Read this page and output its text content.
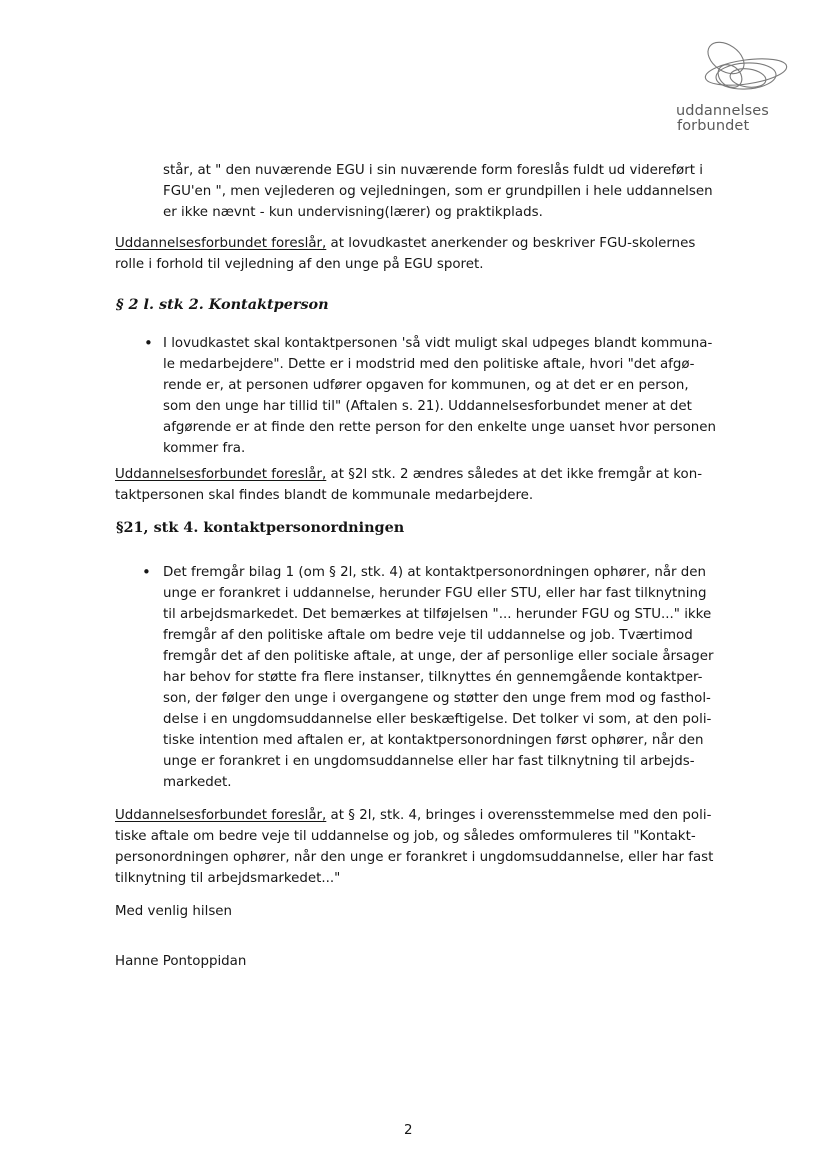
uddannelses
forbundet
står, at " den nuværende EGU i sin nuværende form foreslås fuldt ud videreført i
FGU'en ", men vejlederen og vejledningen, som er grundpillen i hele uddannelsen
er ikke nævnt - kun undervisning(lærer) og praktikplads.
Uddannelsesforbundet foreslår, at lovudkastet anerkender og beskriver FGU-skolernes
rolle i forhold til vejledning af den unge på EGU sporet.
§ 2 l. stk 2. Kontaktperson
• I lovudkastet skal kontaktpersonen 'så vidt muligt skal udpeges blandt kommuna-
le medarbejdere". Dette er i modstrid med den politiske aftale, hvori "det afgø-
rende er, at personen udfører opgaven for kommunen, og at det er en person,
som den unge har tillid til" (Aftalen s. 21). Uddannelsesforbundet mener at det
afgørende er at finde den rette person for den enkelte unge uanset hvor personen
kommer fra.
Uddannelsesforbundet foreslår, at §2l stk. 2 ændres således at det ikke fremgår at kon-
taktpersonen skal findes blandt de kommunale medarbejdere.
§21, stk 4. kontaktpersonordningen
• Det fremgår bilag 1 (om § 2l, stk. 4) at kontaktpersonordningen ophører, når den
unge er forankret i uddannelse, herunder FGU eller STU, eller har fast tilknytning
til arbejdsmarkedet. Det bemærkes at tilføjelsen "... herunder FGU og STU..." ikke
fremgår af den politiske aftale om bedre veje til uddannelse og job. Tværtimod
fremgår det af den politiske aftale, at unge, der af personlige eller sociale årsager
har behov for støtte fra flere instanser, tilknyttes én gennemgående kontaktper-
son, der følger den unge i overgangene og støtter den unge frem mod og fasthol-
delse i en ungdomsuddannelse eller beskæftigelse. Det tolker vi som, at den poli-
tiske intention med aftalen er, at kontaktpersonordningen først ophører, når den
unge er forankret i en ungdomsuddannelse eller har fast tilknytning til arbejds-
markedet.
Uddannelsesforbundet foreslår, at § 2l, stk. 4, bringes i overensstemmelse med den poli-
tiske aftale om bedre veje til uddannelse og job, og således omformuleres til "Kontakt-
personordningen ophører, når den unge er forankret i ungdomsuddannelse, eller har fast
tilknytning til arbejdsmarkedet..."
Med venlig hilsen
Hanne Pontoppidan
2
